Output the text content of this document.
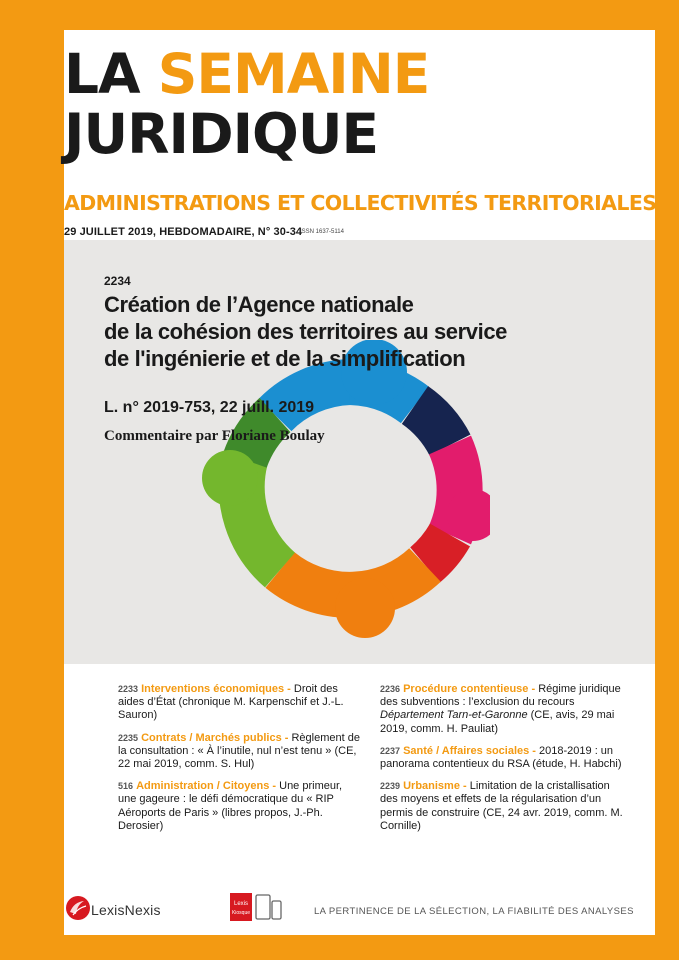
LA SEMAINE
JURIDIQUE
ADMINISTRATIONS ET COLLECTIVITÉS TERRITORIALES
29 JUILLET 2019, HEBDOMADAIRE, N° 30-34
ISSN 1637-5114
2234
Création de l’Agence nationale
de la cohésion des territoires au service
de l'ingénierie et de la simplification
L. n° 2019-753, 22 juill. 2019
Commentaire par Floriane Boulay
2233 Interventions économiques - Droit des aides d’État (chronique M. Karpenschif et J.-L. Sauron)
2235 Contrats / Marchés publics - Règlement de la consultation : « À l’inutile, nul n’est tenu » (CE, 22 mai 2019, comm. S. Hul)
516 Administration / Citoyens - Une primeur, une gageure : le défi démocratique du « RIP Aéroports de Paris » (libres propos, J.-Ph. Derosier)
2236 Procédure contentieuse - Régime juridique des subventions : l’exclusion du recours Département Tarn-et-Garonne (CE, avis, 29 mai 2019, comm. H. Pauliat)
2237 Santé / Affaires sociales - 2018-2019 : un panorama contentieux du RSA (étude, H. Habchi)
2239 Urbanisme - Limitation de la cristallisation des moyens et effets de la régularisation d’un permis de construire (CE, 24 avr. 2019, comm. M. Cornille)
LexisNexis	Lexis
Kiosque	LA PERTINENCE DE LA SÉLECTION, LA FIABILITÉ DES ANALYSES
